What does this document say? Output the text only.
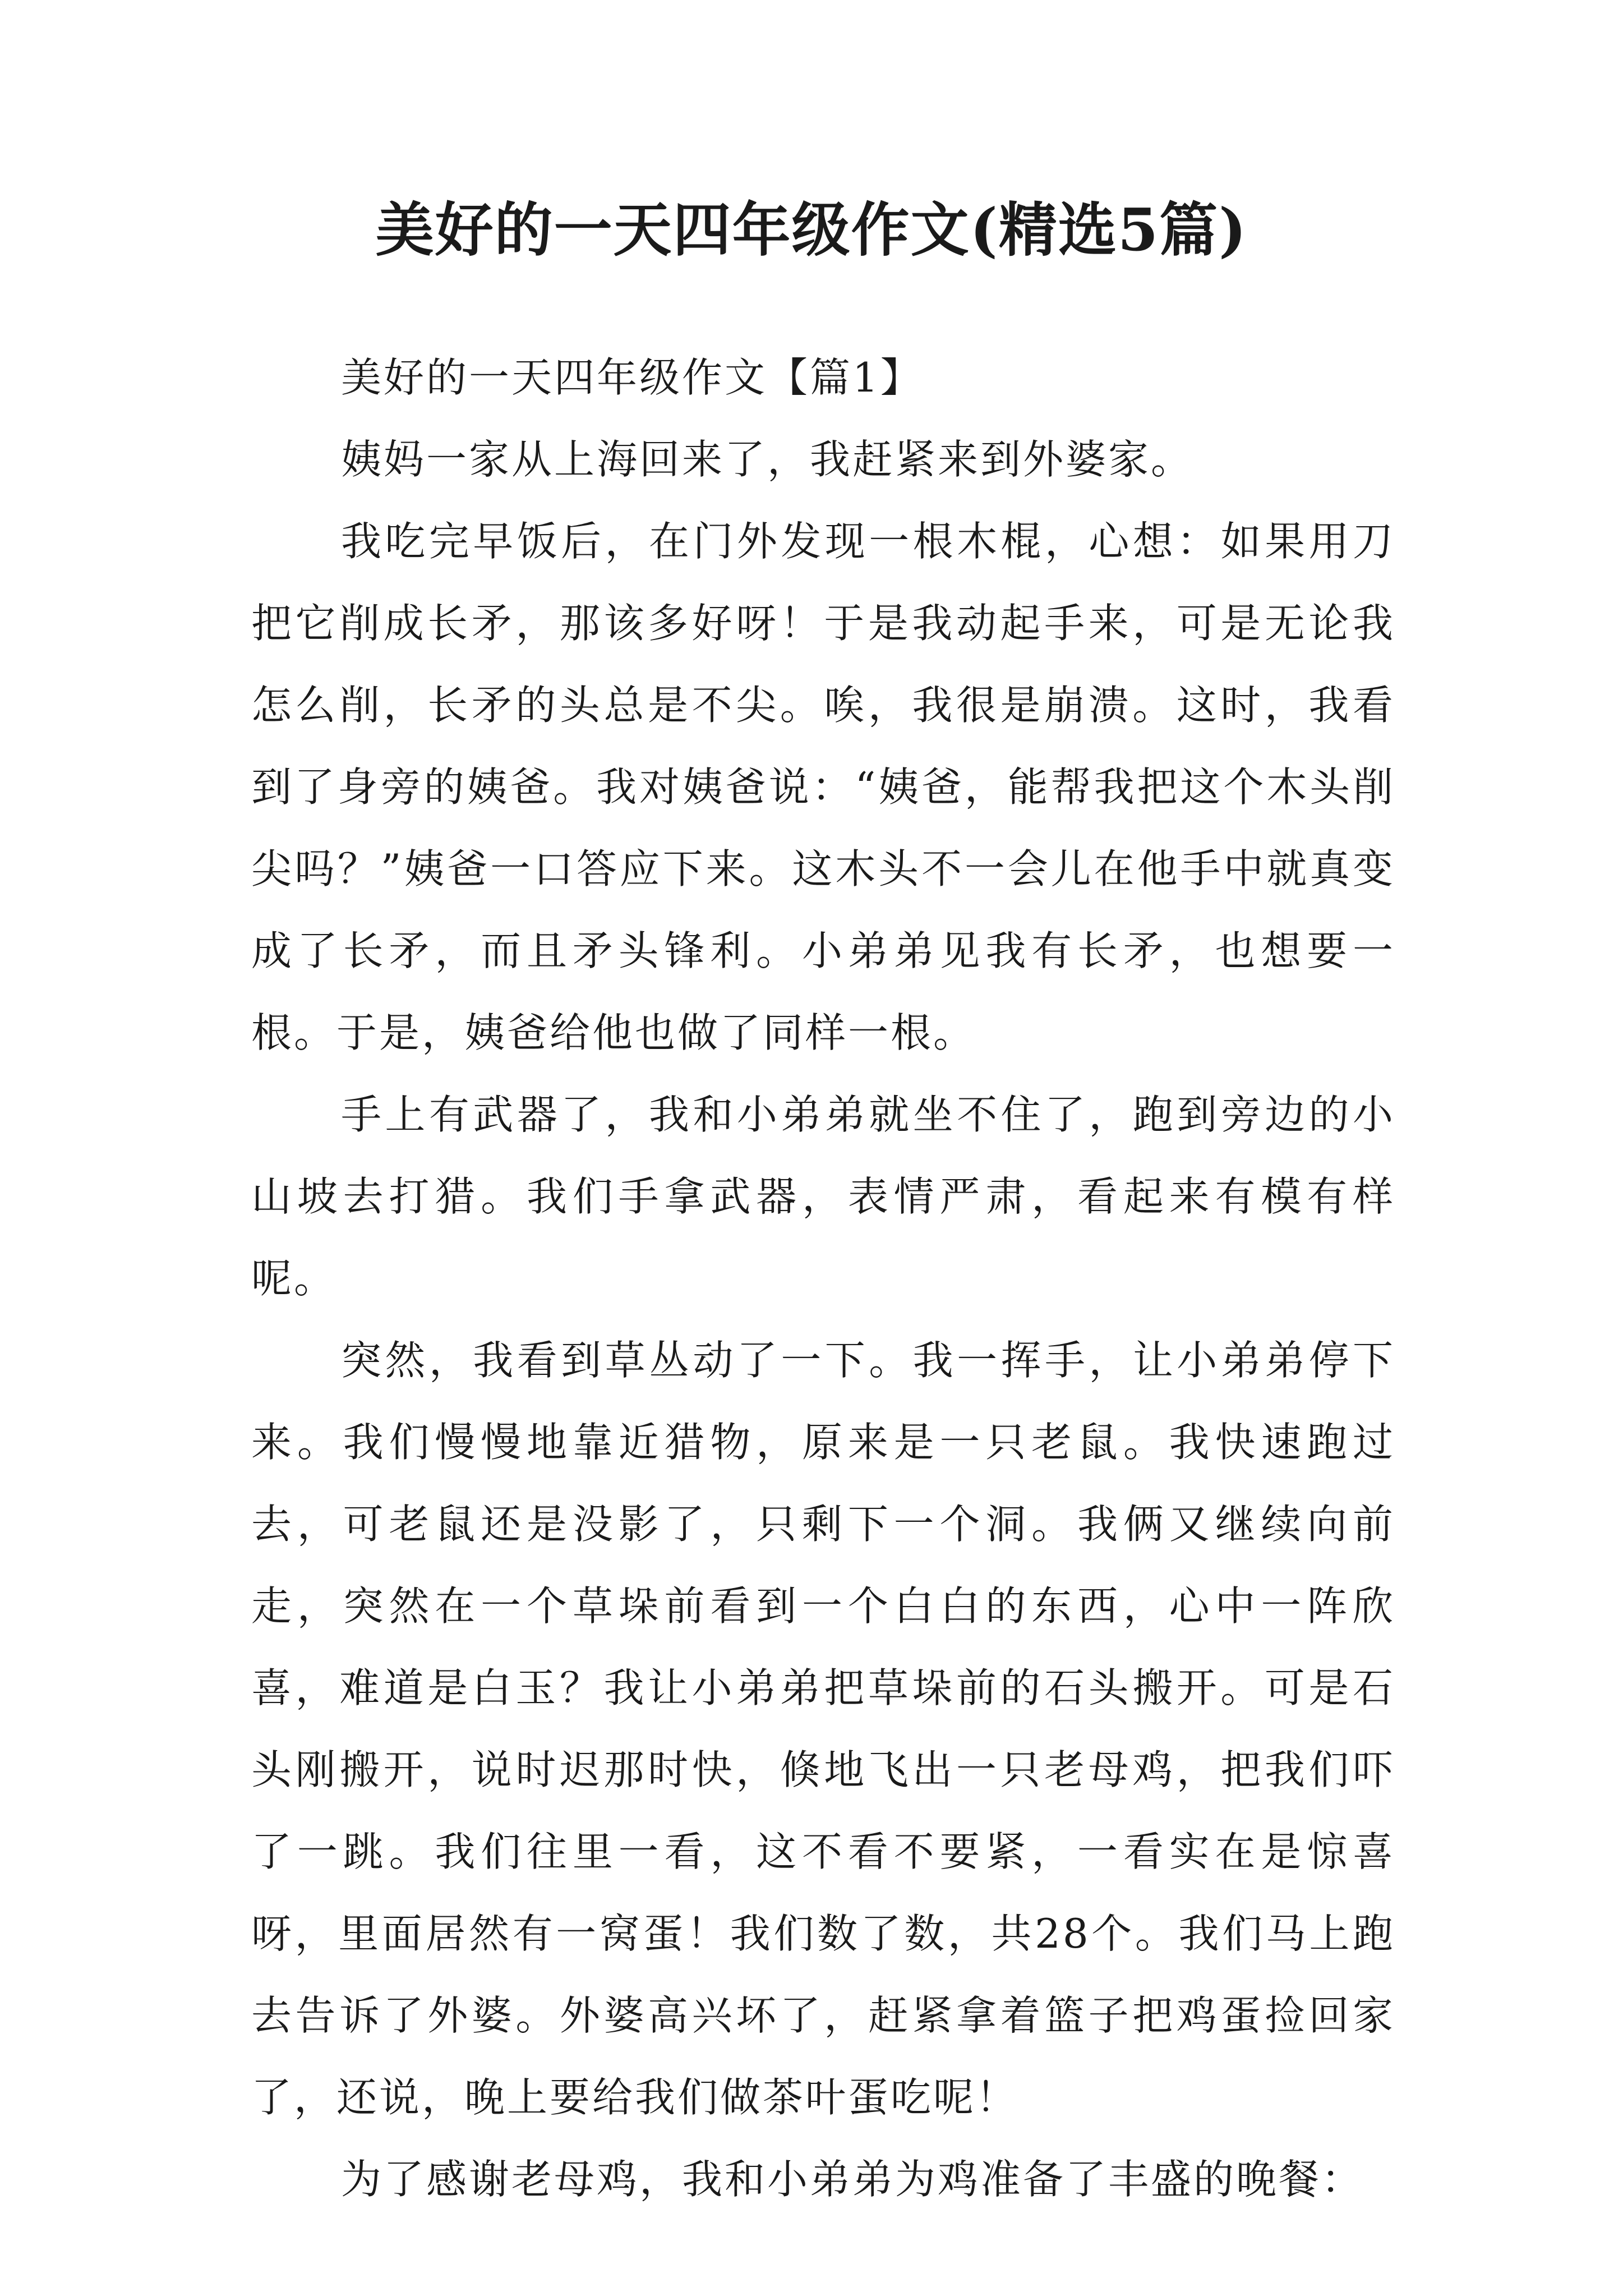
美好的一天四年级作文(精选5篇)

美好的一天四年级作文【篇1】

姨妈一家从上海回来了，我赶紧来到外婆家。

我吃完早饭后，在门外发现一根木棍，心想：如果用刀把它削成长矛，那该多好呀！于是我动起手来，可是无论我怎么削，长矛的头总是不尖。唉，我很是崩溃。这时，我看到了身旁的姨爸。我对姨爸说：“姨爸，能帮我把这个木头削尖吗？”姨爸一口答应下来。这木头不一会儿在他手中就真变成了长矛，而且矛头锋利。小弟弟见我有长矛，也想要一根。于是，姨爸给他也做了同样一根。

手上有武器了，我和小弟弟就坐不住了，跑到旁边的小山坡去打猎。我们手拿武器，表情严肃，看起来有模有样呢。

突然，我看到草丛动了一下。我一挥手，让小弟弟停下来。我们慢慢地靠近猎物，原来是一只老鼠。我快速跑过去，可老鼠还是没影了，只剩下一个洞。我俩又继续向前走，突然在一个草垛前看到一个白白的东西，心中一阵欣喜，难道是白玉？我让小弟弟把草垛前的石头搬开。可是石头刚搬开，说时迟那时快，倏地飞出一只老母鸡，把我们吓了一跳。我们往里一看，这不看不要紧，一看实在是惊喜呀，里面居然有一窝蛋！我们数了数，共28个。我们马上跑去告诉了外婆。外婆高兴坏了，赶紧拿着篮子把鸡蛋捡回家了，还说，晚上要给我们做茶叶蛋吃呢！

为了感谢老母鸡，我和小弟弟为鸡准备了丰盛的晚餐：
